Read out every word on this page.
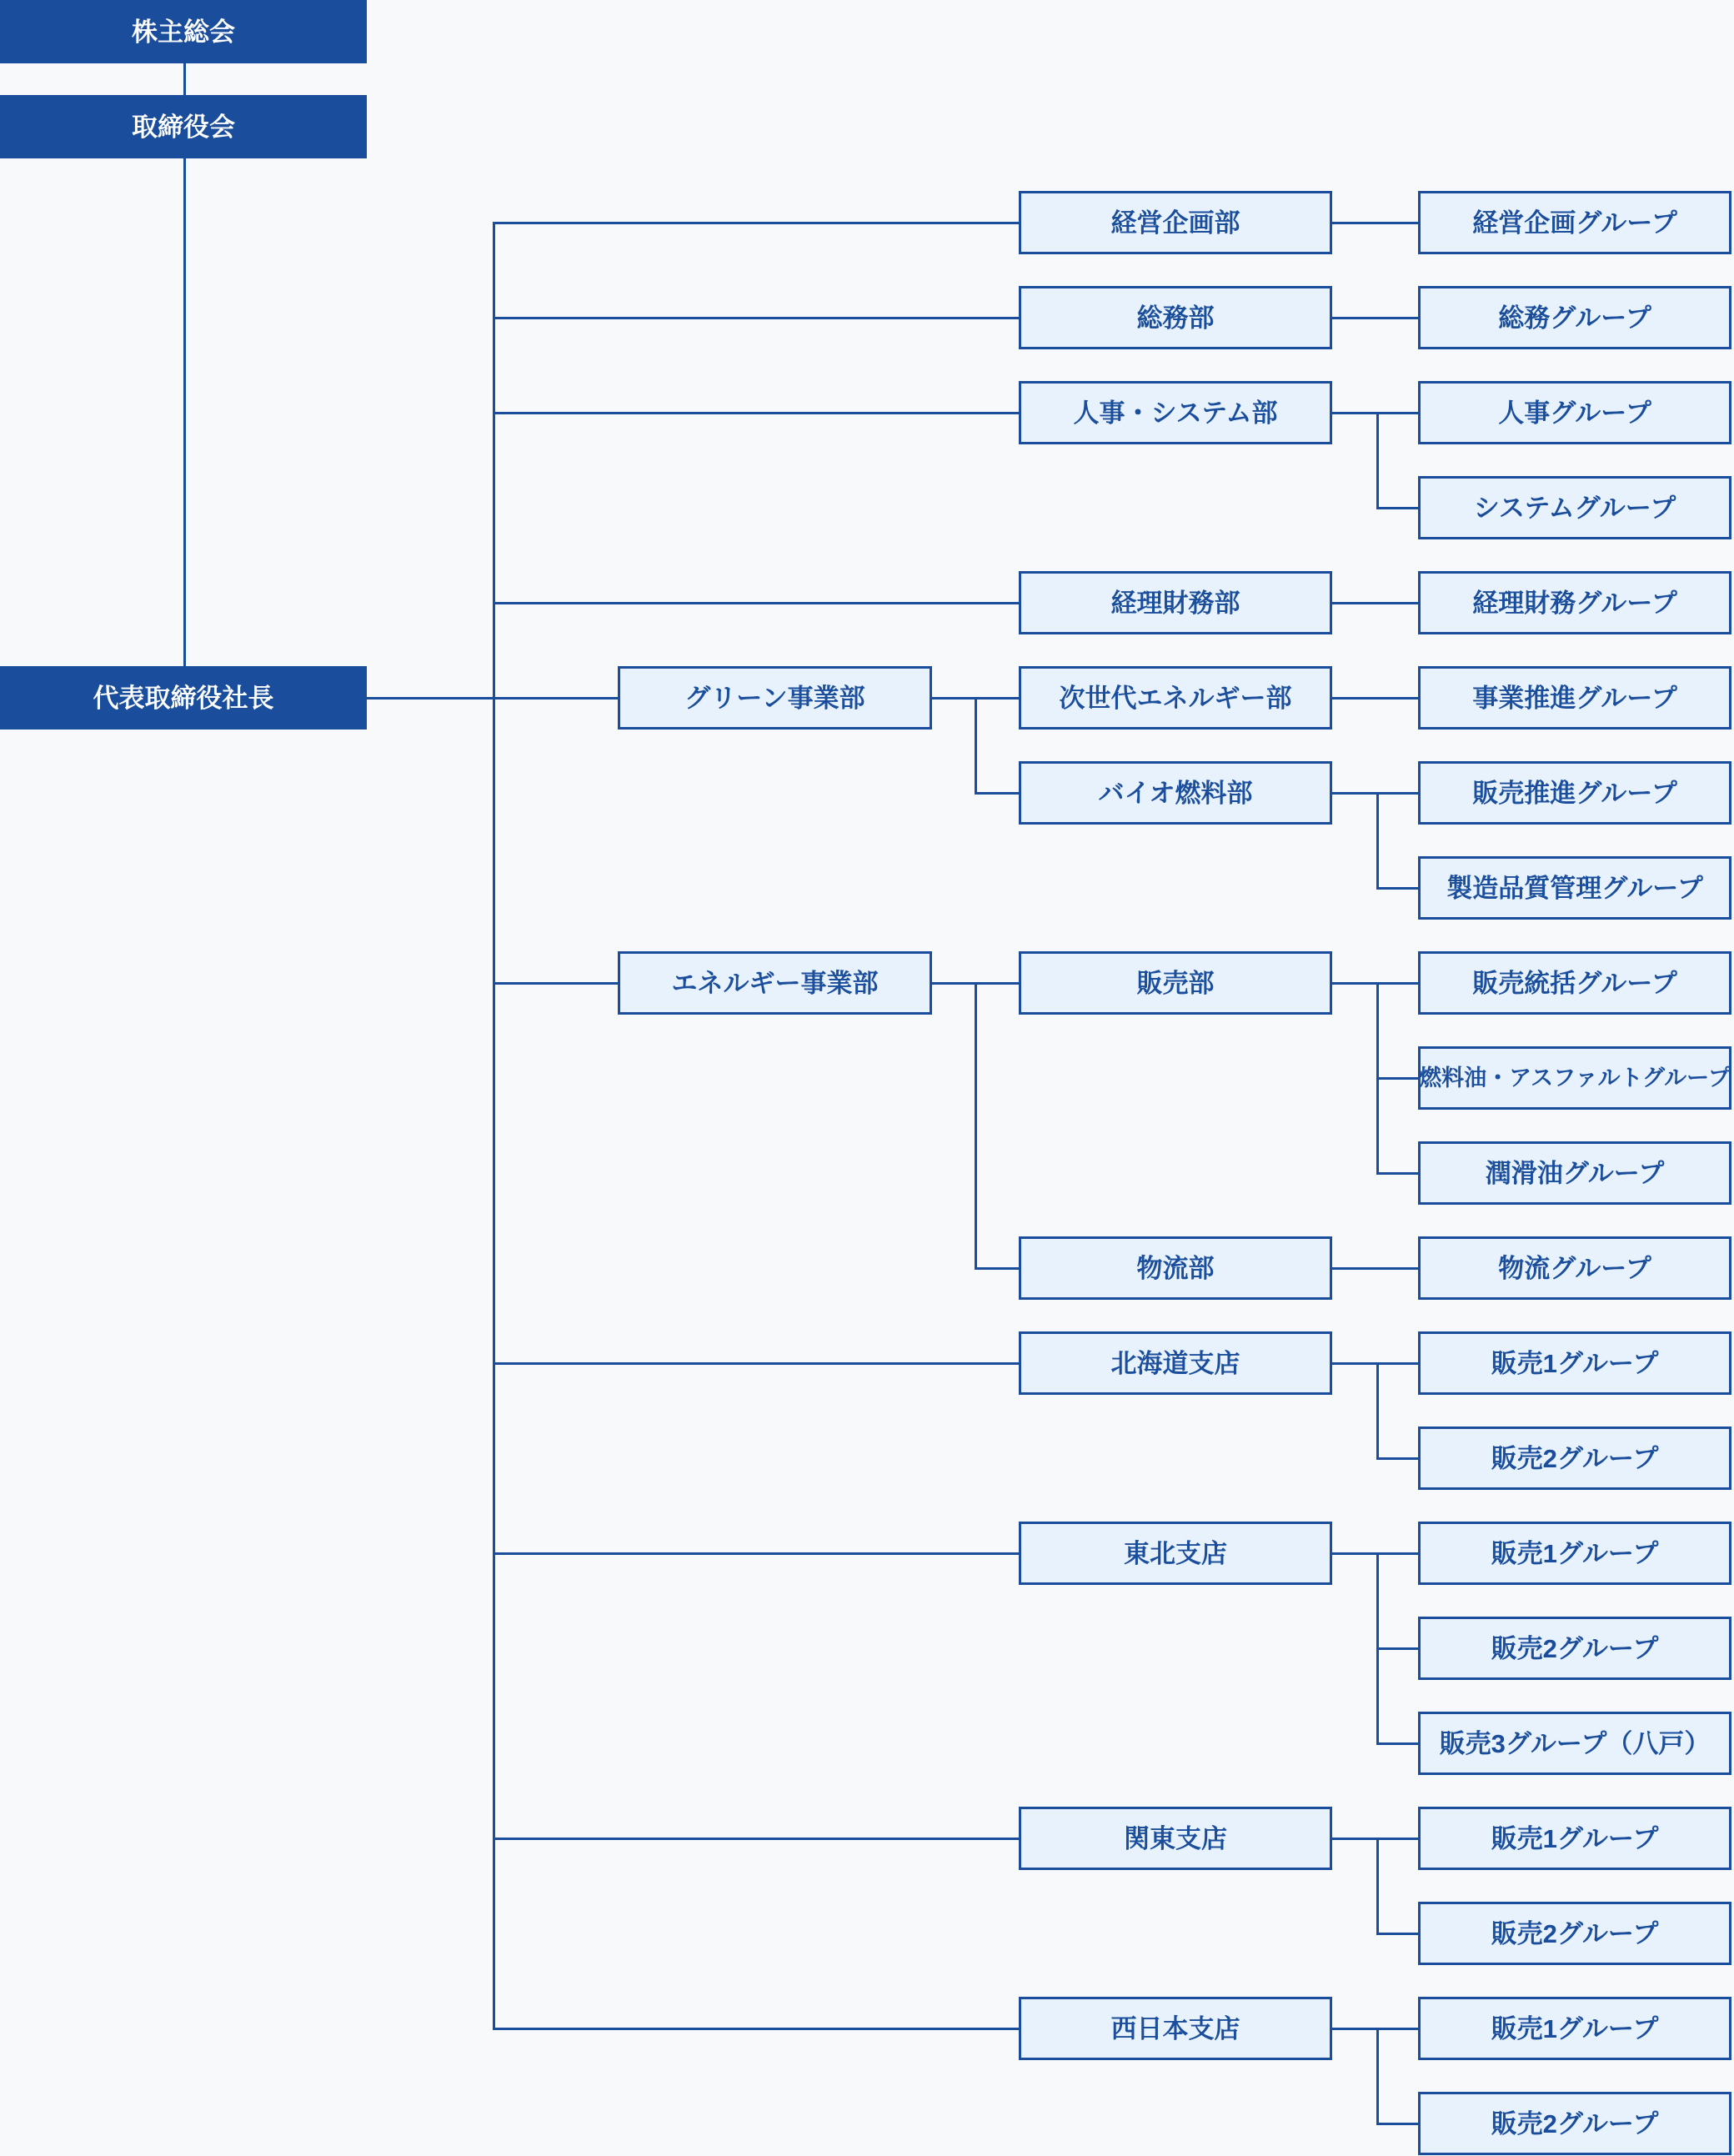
株主総会
取締役会
代表取締役社長
経営企画部	経営企画グループ
総務部	総務グループ
人事・システム部	人事グループ
システムグループ
経理財務部	経理財務グループ
グリーン事業部	次世代エネルギー部	事業推進グループ
バイオ燃料部	販売推進グループ
製造品質管理グループ
エネルギー事業部	販売部	販売統括グループ
燃料油・アスファルトグループ
潤滑油グループ
物流部	物流グループ
北海道支店	販売1グループ
販売2グループ
東北支店	販売1グループ
販売2グループ
販売3グループ（八戸）
関東支店	販売1グループ
販売2グループ
西日本支店	販売1グループ
販売2グループ
